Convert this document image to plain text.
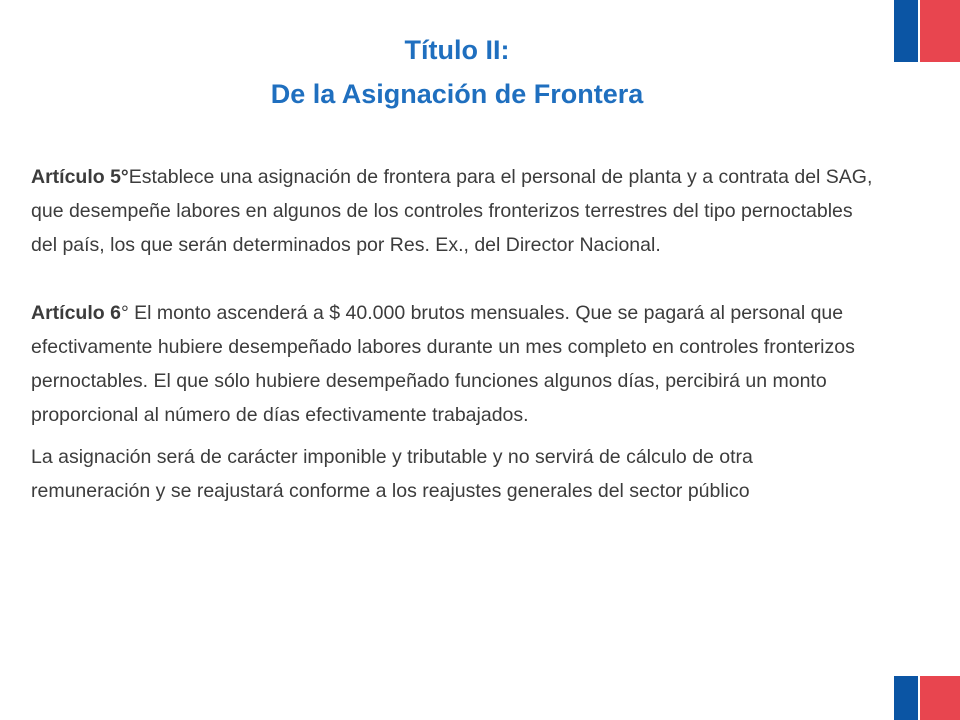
Título II:
De la Asignación de Frontera

Artículo 5°Establece una asignación de frontera para el personal de planta y a contrata del SAG, que desempeñe labores en algunos de los controles fronterizos terrestres del tipo pernoctables del país, los que serán determinados por Res. Ex., del Director Nacional.

Artículo 6° El monto ascenderá a $ 40.000 brutos mensuales. Que se pagará al personal que efectivamente hubiere desempeñado labores durante un mes completo en controles fronterizos pernoctables. El que sólo hubiere desempeñado funciones algunos días, percibirá un monto proporcional al número de días efectivamente trabajados.

La asignación será de carácter imponible y tributable y no servirá de cálculo de otra remuneración y se reajustará conforme a los reajustes generales del sector público
